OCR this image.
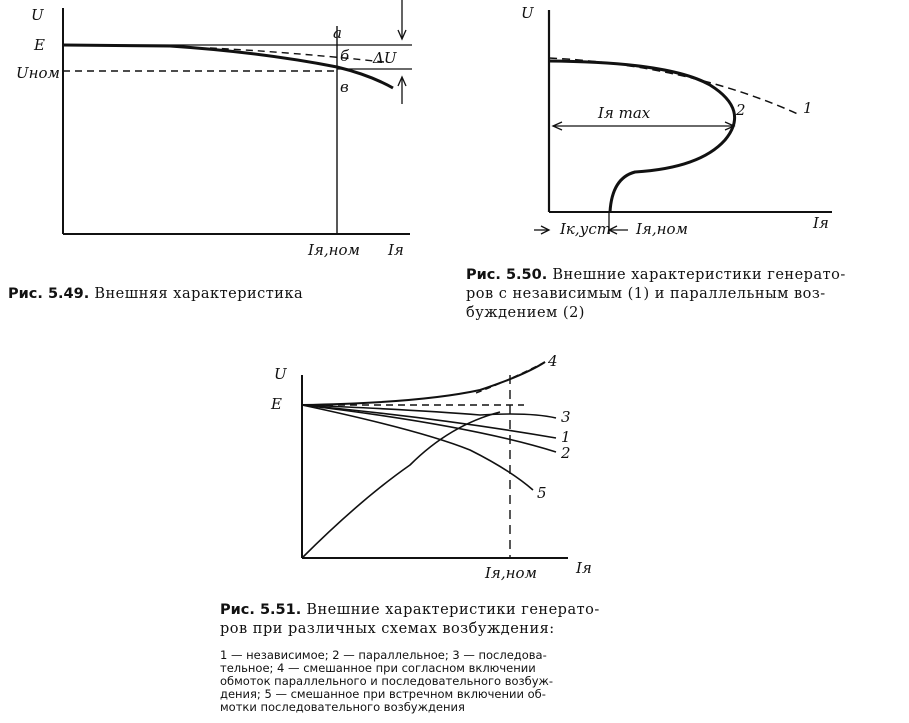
U
E
Uном
a
б
в
ΔU
Iя,ном Iя
U
1
2
Iя max
Iк,уст Iя,ном	Iя
U
E
4
3
1
2
5
Iя,ном	Iя
Рис. 5.49. Внешняя характеристика
Рис. 5.50. Внешние характеристики генерато-
ров с независимым (1) и параллельным воз-
буждением (2)
Рис. 5.51. Внешние характеристики генерато-
ров при различных схемах возбуждения:
1 — независимое; 2 — параллельное; 3 — последова-
тельное; 4 — смешанное при согласном включении
обмоток параллельного и последовательного возбуж-
дения; 5 — смешанное при встречном включении об-
мотки последовательного возбуждения
